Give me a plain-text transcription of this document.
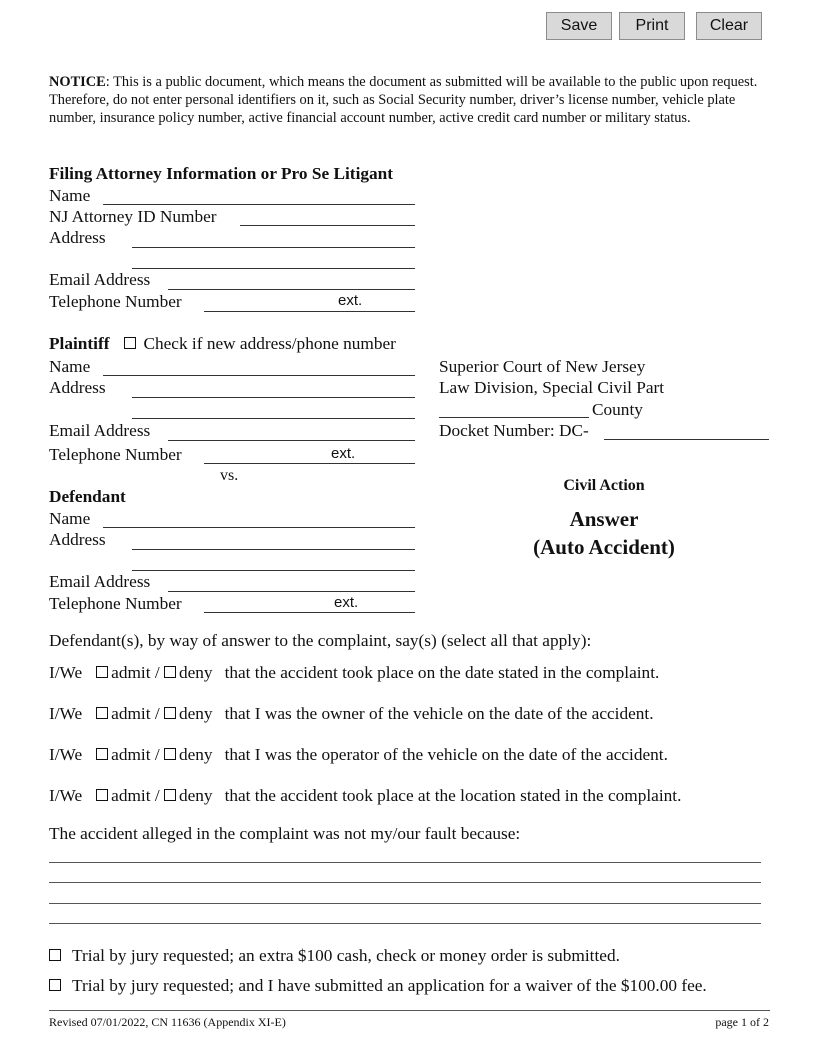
Save	Print	Clear
NOTICE: This is a public document, which means the document as submitted will be available to the public upon request. Therefore, do not enter personal identifiers on it, such as Social Security number, driver’s license number, vehicle plate number, insurance policy number, active financial account number, active credit card number or military status.
Filing Attorney Information or Pro Se Litigant
Name
NJ Attorney ID Number
Address
Email Address
Telephone Number	ext.
Plaintiff Check if new address/phone number
Name
Address
Email Address
Telephone Number	ext.
vs.
Defendant
Name
Address
Email Address
Telephone Number	ext.
Superior Court of New Jersey
Law Division, Special Civil Part
County
Docket Number: DC-
Civil Action
Answer
(Auto Accident)
Defendant(s), by way of answer to the complaint, say(s) (select all that apply):
I/We admit / deny that the accident took place on the date stated in the complaint.
I/We admit / deny that I was the owner of the vehicle on the date of the accident.
I/We admit / deny that I was the operator of the vehicle on the date of the accident.
I/We admit / deny that the accident took place at the location stated in the complaint.
The accident alleged in the complaint was not my/our fault because:
Trial by jury requested; an extra $100 cash, check or money order is submitted.
Trial by jury requested; and I have submitted an application for a waiver of the $100.00 fee.
Revised 07/01/2022, CN 11636 (Appendix XI-E)	page 1 of 2
